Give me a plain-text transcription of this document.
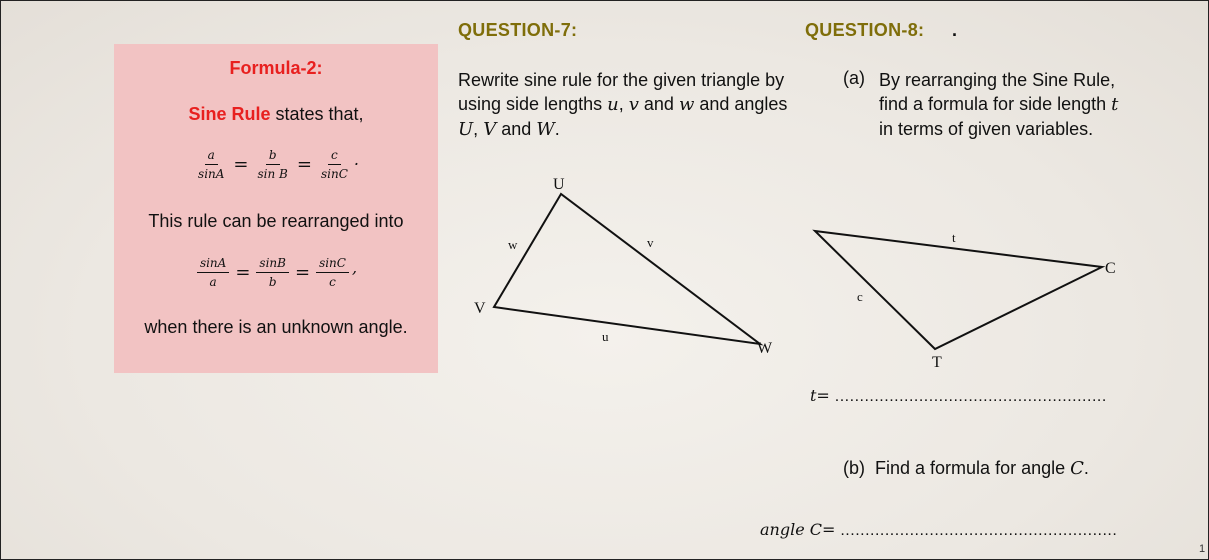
Formula-2:
Sine Rule states that,
$\frac{a}{\sin A} = \frac{b}{\text{sin B}} = \frac{c}{\sin C}$ .
This rule can be rearranged into
$\frac{\sin A}{a} = \frac{\sin B}{b} = \frac{\sin C}{c}$ ,
when there is an unknown angle.
QUESTION-7:
Rewrite sine rule for the given triangle by using side lengths u, v and w and angles U, V and W.
QUESTION-8: .
(a) By rearranging the Sine Rule, find a formula for side length t in terms of given variables.
t= .......................................................
(b) Find a formula for angle C.
angle C= ........................................................
U
V
W
w	v
u
C
T
t
c
1
